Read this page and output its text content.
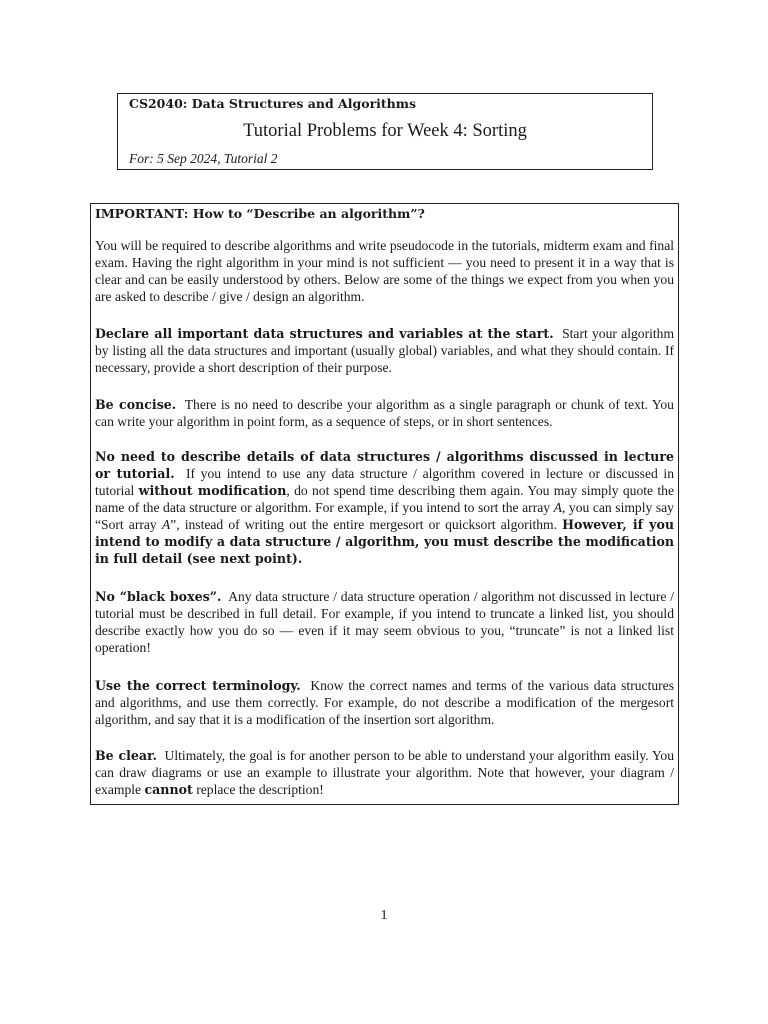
CS2040: Data Structures and Algorithms
Tutorial Problems for Week 4: Sorting
For: 5 Sep 2024, Tutorial 2
IMPORTANT: How to “Describe an algorithm”?

You will be required to describe algorithms and write pseudocode in the tutorials, midterm exam and final exam. Having the right algorithm in your mind is not sufficient — you need to present it in a way that is clear and can be easily understood by others. Below are some of the things we expect from you when you are asked to describe / give / design an algorithm.

Declare all important data structures and variables at the start. Start your algorithm by listing all the data structures and important (usually global) variables, and what they should contain. If necessary, provide a short description of their purpose.

Be concise. There is no need to describe your algorithm as a single paragraph or chunk of text. You can write your algorithm in point form, as a sequence of steps, or in short sentences.

No need to describe details of data structures / algorithms discussed in lecture or tutorial. If you intend to use any data structure / algorithm covered in lecture or discussed in tutorial without modification, do not spend time describing them again. You may simply quote the name of the data structure or algorithm. For example, if you intend to sort the array A, you can simply say “Sort array A”, instead of writing out the entire mergesort or quicksort algorithm. However, if you intend to modify a data structure / algorithm, you must describe the modification in full detail (see next point).

No “black boxes”. Any data structure / data structure operation / algorithm not discussed in lecture / tutorial must be described in full detail. For example, if you intend to truncate a linked list, you should describe exactly how you do so — even if it may seem obvious to you, “truncate” is not a linked list operation!

Use the correct terminology. Know the correct names and terms of the various data structures and algorithms, and use them correctly. For example, do not describe a modification of the mergesort algorithm, and say that it is a modification of the insertion sort algorithm.

Be clear. Ultimately, the goal is for another person to be able to understand your algorithm easily. You can draw diagrams or use an example to illustrate your algorithm. Note that however, your diagram / example cannot replace the description!

1
